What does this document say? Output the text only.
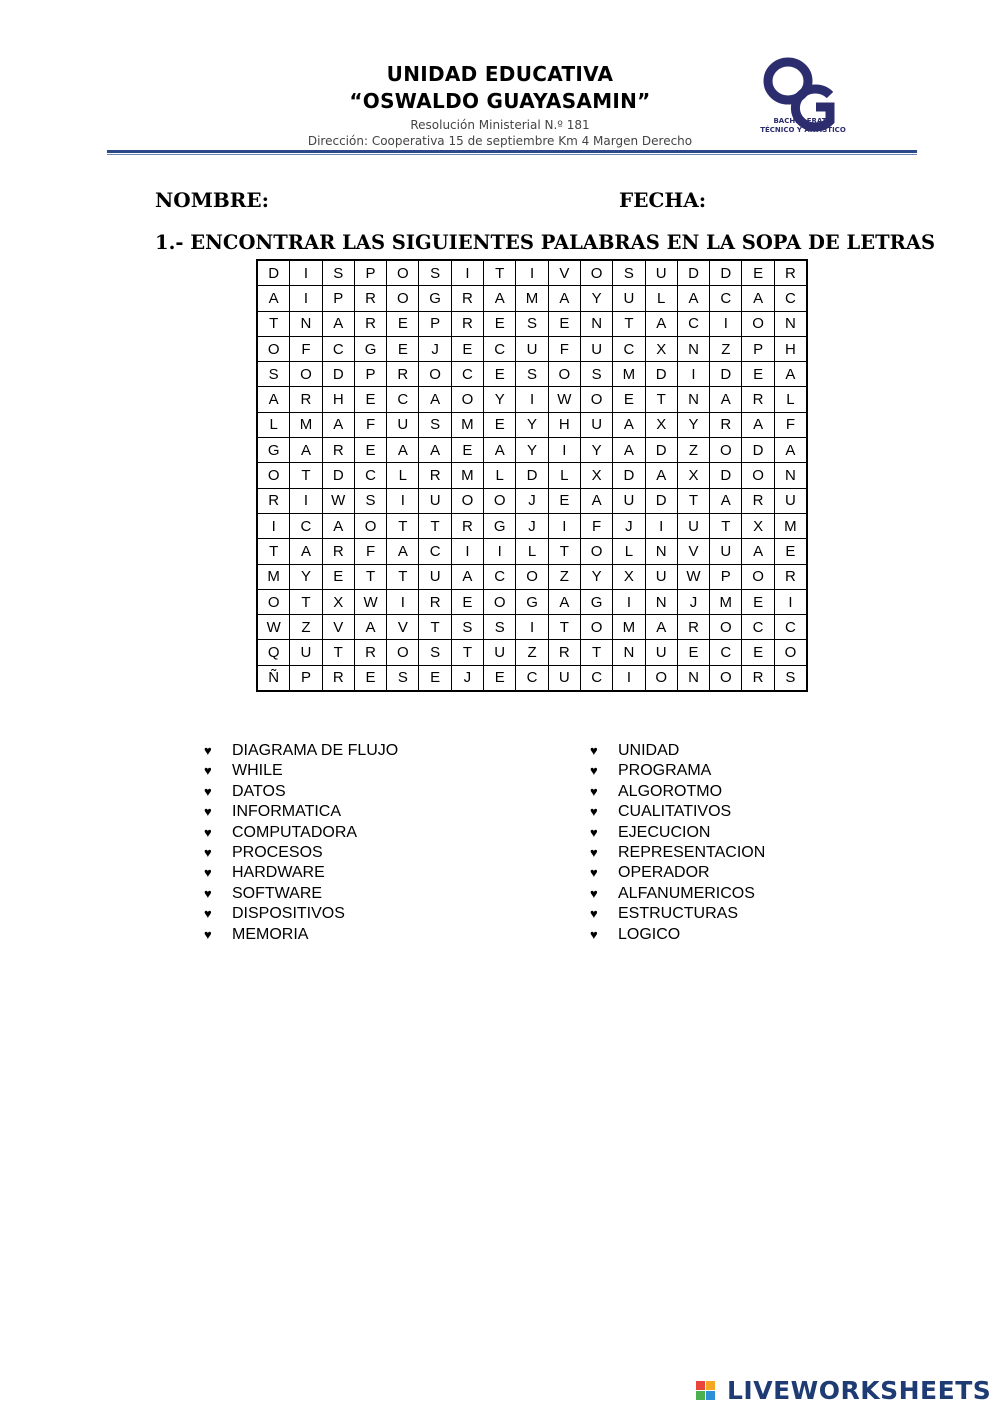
UNIDAD EDUCATIVA
“OSWALDO GUAYASAMIN”
Resolución Ministerial N.º 181
Dirección: Cooperativa 15 de septiembre Km 4 Margen Derecho
BACHILLERATO
TÉCNICO Y ARTÍSTICO
NOMBRE:	FECHA:
1.- ENCONTRAR LAS SIGUIENTES PALABRAS EN LA SOPA DE LETRAS
D	I	S	P	O	S	I	T	I	V	O	S	U	D	D	E	R
A	I	P	R	O	G	R	A	M	A	Y	U	L	A	C	A	C
T	N	A	R	E	P	R	E	S	E	N	T	A	C	I	O	N
O	F	C	G	E	J	E	C	U	F	U	C	X	N	Z	P	H
S	O	D	P	R	O	C	E	S	O	S	M	D	I	D	E	A
A	R	H	E	C	A	O	Y	I	W	O	E	T	N	A	R	L
L	M	A	F	U	S	M	E	Y	H	U	A	X	Y	R	A	F
G	A	R	E	A	A	E	A	Y	I	Y	A	D	Z	O	D	A
O	T	D	C	L	R	M	L	D	L	X	D	A	X	D	O	N
R	I	W	S	I	U	O	O	J	E	A	U	D	T	A	R	U
I	C	A	O	T	T	R	G	J	I	F	J	I	U	T	X	M
T	A	R	F	A	C	I	I	L	T	O	L	N	V	U	A	E
M	Y	E	T	T	U	A	C	O	Z	Y	X	U	W	P	O	R
O	T	X	W	I	R	E	O	G	A	G	I	N	J	M	E	I
W	Z	V	A	V	T	S	S	I	T	O	M	A	R	O	C	C
Q	U	T	R	O	S	T	U	Z	R	T	N	U	E	C	E	O
Ñ	P	R	E	S	E	J	E	C	U	C	I	O	N	O	R	S
♥ DIAGRAMA DE FLUJO
♥ WHILE
♥ DATOS
♥ INFORMATICA
♥ COMPUTADORA
♥ PROCESOS
♥ HARDWARE
♥ SOFTWARE
♥ DISPOSITIVOS
♥ MEMORIA
♥ UNIDAD
♥ PROGRAMA
♥ ALGOROTMO
♥ CUALITATIVOS
♥ EJECUCION
♥ REPRESENTACION
♥ OPERADOR
♥ ALFANUMERICOS
♥ ESTRUCTURAS
♥ LOGICO
LIVEWORKSHEETS
